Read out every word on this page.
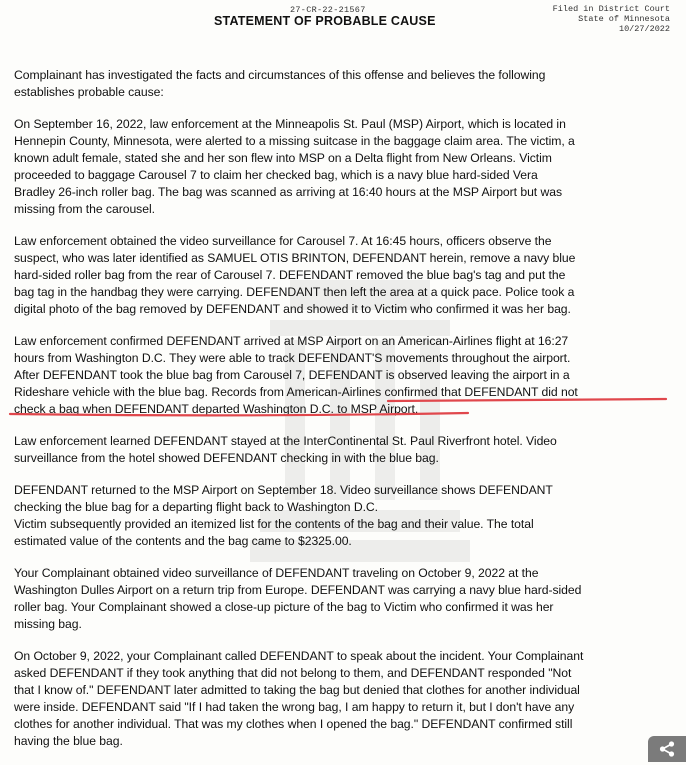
27-CR-22-21567
STATEMENT OF PROBABLE CAUSE
Filed in District Court
State of Minnesota
10/27/2022
Complainant has investigated the facts and circumstances of this offense and believes the following
establishes probable cause:
On September 16, 2022, law enforcement at the Minneapolis St. Paul (MSP) Airport, which is located in
Hennepin County, Minnesota, were alerted to a missing suitcase in the baggage claim area. The victim, a
known adult female, stated she and her son flew into MSP on a Delta flight from New Orleans. Victim
proceeded to baggage Carousel 7 to claim her checked bag, which is a navy blue hard-sided Vera
Bradley 26-inch roller bag. The bag was scanned as arriving at 16:40 hours at the MSP Airport but was
missing from the carousel.
Law enforcement obtained the video surveillance for Carousel 7. At 16:45 hours, officers observe the
suspect, who was later identified as SAMUEL OTIS BRINTON, DEFENDANT herein, remove a navy blue
hard-sided roller bag from the rear of Carousel 7. DEFENDANT removed the blue bag's tag and put the
bag tag in the handbag they were carrying. DEFENDANT then left the area at a quick pace. Police took a
digital photo of the bag removed by DEFENDANT and showed it to Victim who confirmed it was her bag.
Law enforcement confirmed DEFENDANT arrived at MSP Airport on an American-Airlines flight at 16:27
hours from Washington D.C. They were able to track DEFENDANT'S movements throughout the airport.
After DEFENDANT took the blue bag from Carousel 7, DEFENDANT is observed leaving the airport in a
Rideshare vehicle with the blue bag. Records from American-Airlines confirmed that DEFENDANT did not
check a bag when DEFENDANT departed Washington D.C. to MSP Airport.
Law enforcement learned DEFENDANT stayed at the InterContinental St. Paul Riverfront hotel. Video
surveillance from the hotel showed DEFENDANT checking in with the blue bag.
DEFENDANT returned to the MSP Airport on September 18. Video surveillance shows DEFENDANT
checking the blue bag for a departing flight back to Washington D.C.
Victim subsequently provided an itemized list for the contents of the bag and their value. The total
estimated value of the contents and the bag came to $2325.00.
Your Complainant obtained video surveillance of DEFENDANT traveling on October 9, 2022 at the
Washington Dulles Airport on a return trip from Europe. DEFENDANT was carrying a navy blue hard-sided
roller bag. Your Complainant showed a close-up picture of the bag to Victim who confirmed it was her
missing bag.
On October 9, 2022, your Complainant called DEFENDANT to speak about the incident. Your Complainant
asked DEFENDANT if they took anything that did not belong to them, and DEFENDANT responded "Not
that I know of." DEFENDANT later admitted to taking the bag but denied that clothes for another individual
were inside. DEFENDANT said "If I had taken the wrong bag, I am happy to return it, but I don't have any
clothes for another individual. That was my clothes when I opened the bag." DEFENDANT confirmed still
having the blue bag.
